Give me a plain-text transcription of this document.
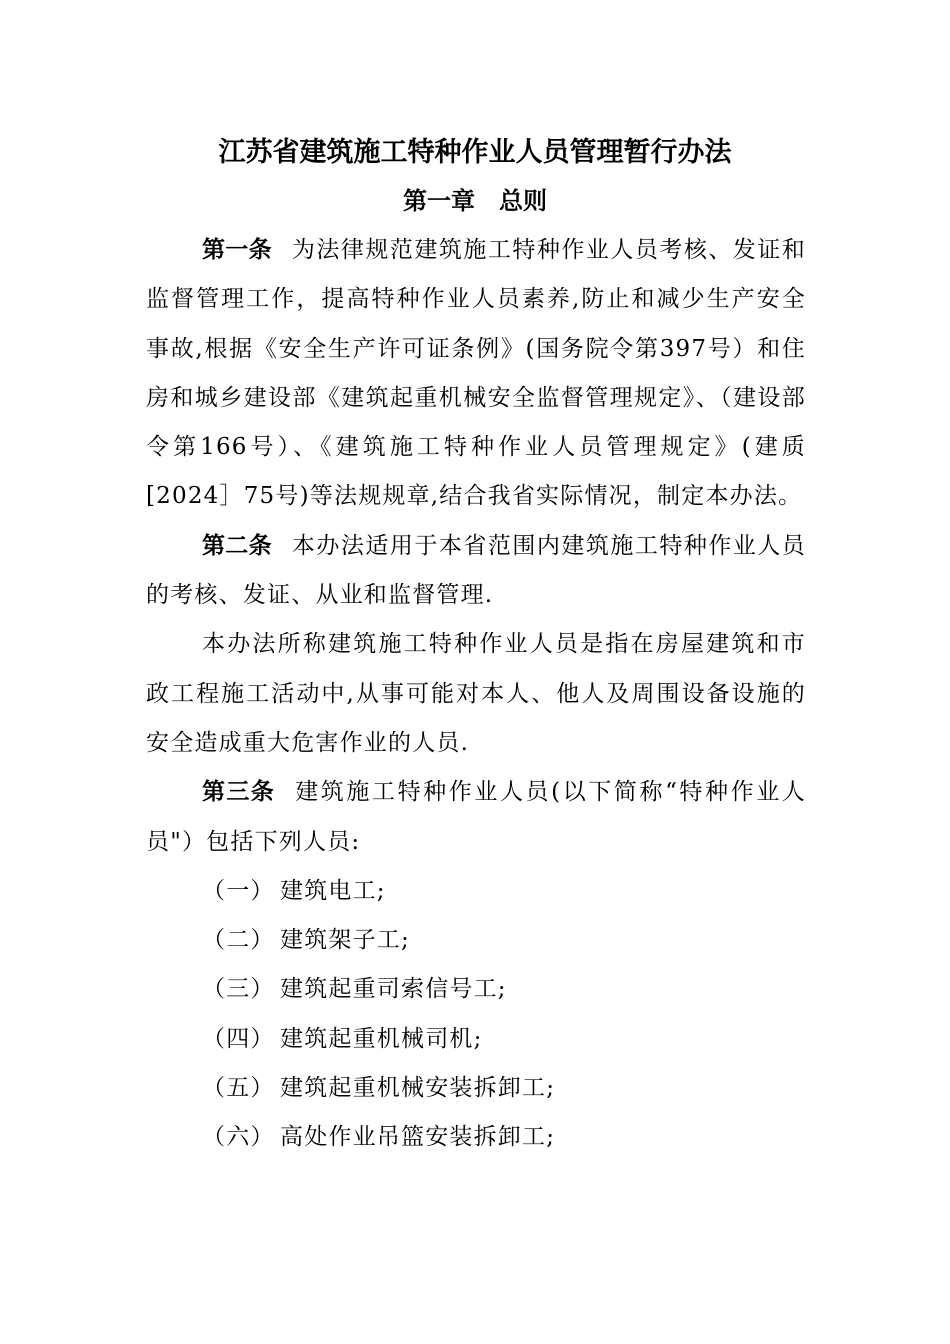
江苏省建筑施工特种作业人员管理暂行办法
第一章　总则

第一条 为法律规范建筑施工特种作业人员考核、发证和监督管理工作，提高特种作业人员素养,防止和减少生产安全事故,根据《安全生产许可证条例》(国务院令第397号）和住房和城乡建设部《建筑起重机械安全监督管理规定》、（建设部令第166号）、《建筑施工特种作业人员管理规定》(建质[2024］75号)等法规规章,结合我省实际情况，制定本办法。

第二条 本办法适用于本省范围内建筑施工特种作业人员的考核、发证、从业和监督管理.

本办法所称建筑施工特种作业人员是指在房屋建筑和市政工程施工活动中,从事可能对本人、他人及周围设备设施的安全造成重大危害作业的人员.

第三条 建筑施工特种作业人员(以下简称“特种作业人员"）包括下列人员:

（一） 建筑电工;
（二） 建筑架子工;
（三） 建筑起重司索信号工;
（四） 建筑起重机械司机;
（五） 建筑起重机械安装拆卸工;
（六） 高处作业吊篮安装拆卸工;
